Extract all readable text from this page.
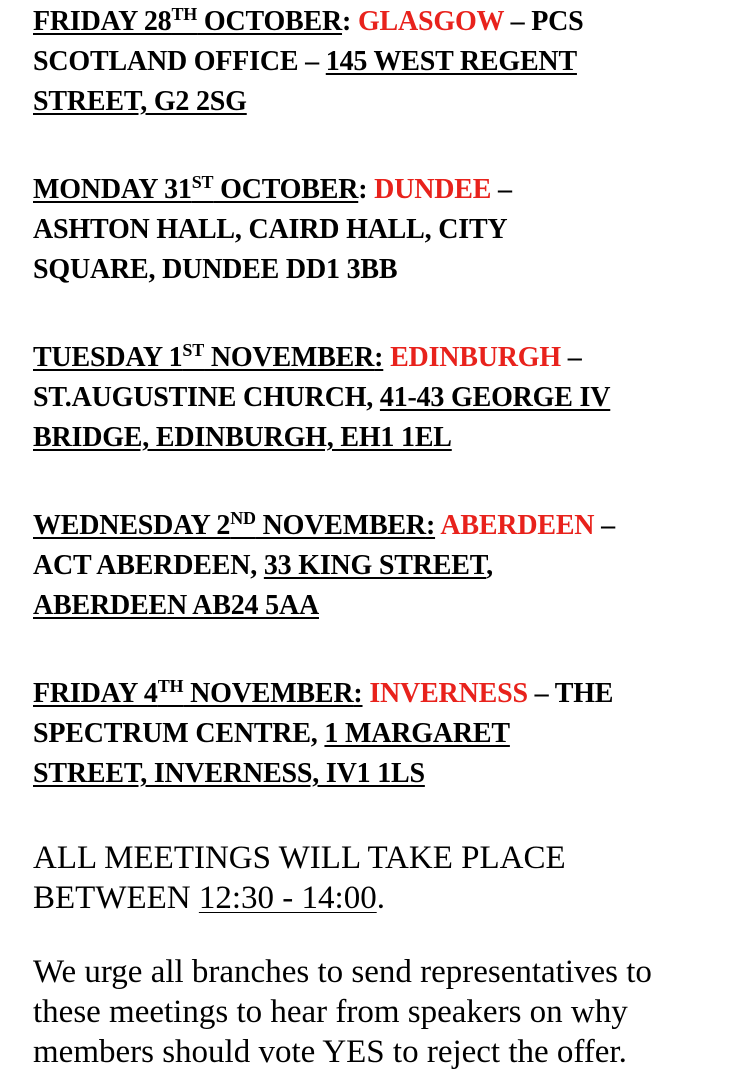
FRIDAY 28TH OCTOBER: GLASGOW – PCS
SCOTLAND OFFICE – 145 WEST REGENT
STREET, G2 2SG
MONDAY 31ST OCTOBER: DUNDEE –
ASHTON HALL, CAIRD HALL, CITY
SQUARE, DUNDEE DD1 3BB
TUESDAY 1ST NOVEMBER: EDINBURGH –
ST.AUGUSTINE CHURCH, 41-43 GEORGE IV
BRIDGE, EDINBURGH, EH1 1EL
WEDNESDAY 2ND NOVEMBER: ABERDEEN –
ACT ABERDEEN, 33 KING STREET,
ABERDEEN AB24 5AA
FRIDAY 4TH NOVEMBER: INVERNESS – THE
SPECTRUM CENTRE, 1 MARGARET
STREET, INVERNESS, IV1 1LS
ALL MEETINGS WILL TAKE PLACE
BETWEEN 12:30 - 14:00.
We urge all branches to send representatives to
these meetings to hear from speakers on why
members should vote YES to reject the offer.
